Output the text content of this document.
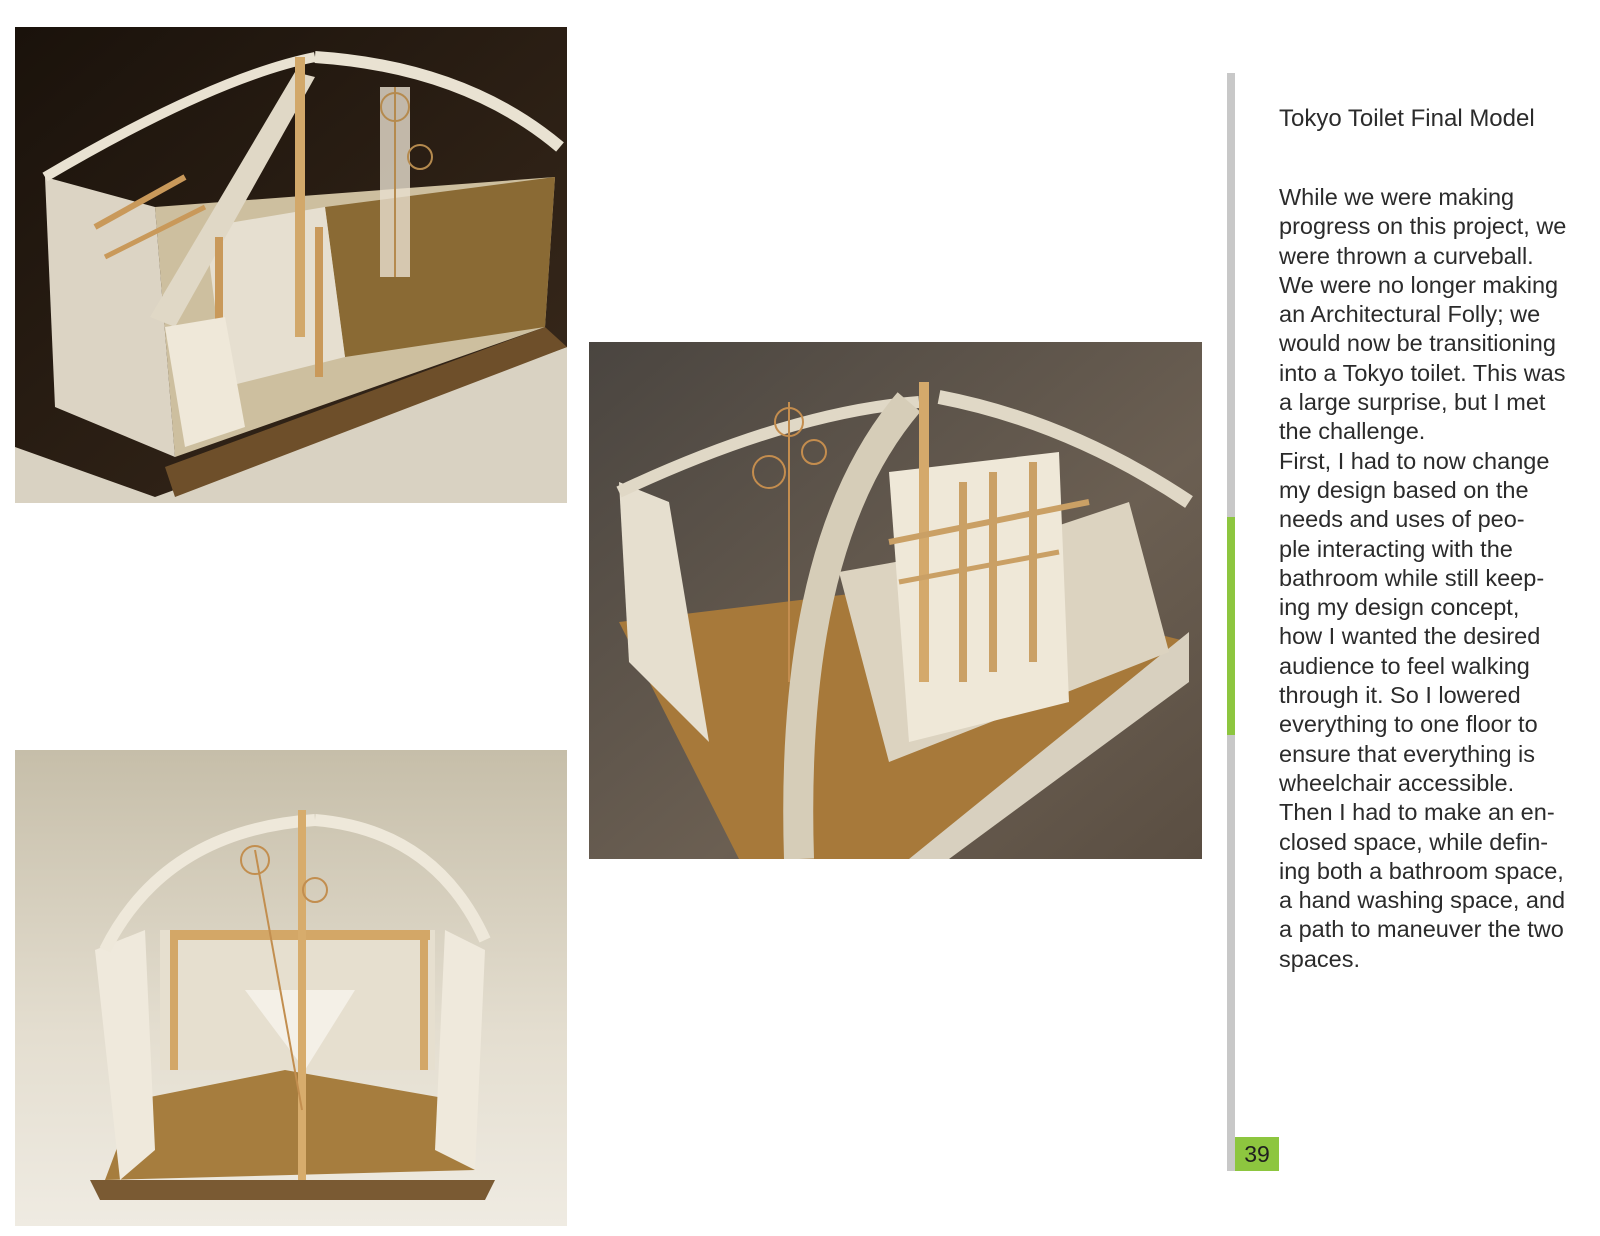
39
Tokyo Toilet Final Model
While we were making
progress on this project, we
were thrown a curveball.
We were no longer making
an Architectural Folly; we
would now be transitioning
into a Tokyo toilet. This was
a large surprise, but I met
the challenge.
First, I had to now change
my design based on the
needs and uses of peo-
ple interacting with the
bathroom while still keep-
ing my design concept,
how I wanted the desired
audience to feel walking
through it. So I lowered
everything to one floor to
ensure that everything is
wheelchair accessible.
Then I had to make an en-
closed space, while defin-
ing both a bathroom space,
a hand washing space, and
a path to maneuver the two
spaces.
